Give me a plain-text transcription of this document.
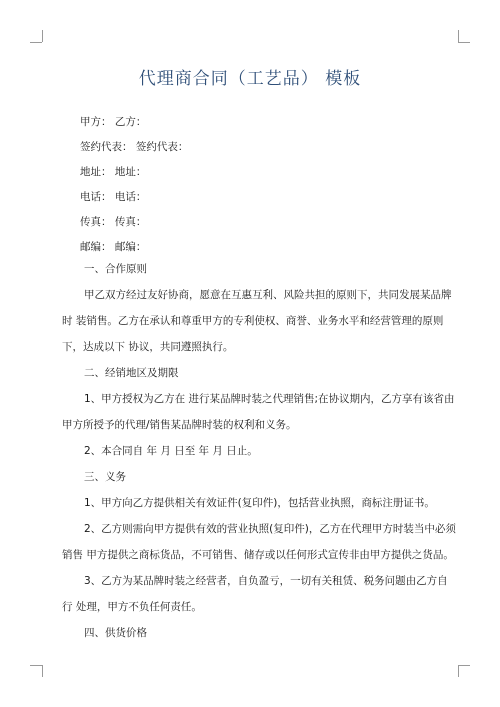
代理商合同（工艺品） 模板
甲方： 乙方：
签约代表： 签约代表：
地址： 地址：
电话： 电话：
传真： 传真：
邮编： 邮编：
一、合作原则
甲乙双方经过友好协商，愿意在互惠互利、风险共担的原则下，共同发展某品牌
时 装销售。乙方在承认和尊重甲方的专利使权、商誉、业务水平和经营管理的原则
下，达成以下 协议，共同遵照执行。
二、经销地区及期限
1、甲方授权为乙方在 进行某品牌时装之代理销售;在协议期内，乙方享有该省由
甲方所授予的代理/销售某品牌时装的权利和义务。
2、本合同自 年 月 日至 年 月 日止。
三、义务
1、甲方向乙方提供相关有效证件(复印件)，包括营业执照，商标注册证书。
2、乙方则需向甲方提供有效的营业执照(复印件)，乙方在代理甲方时装当中必须
销售 甲方提供之商标货品，不可销售、储存或以任何形式宣传非由甲方提供之货品。
3、乙方为某品牌时装之经营者，自负盈亏，一切有关租赁、税务问题由乙方自
行 处理，甲方不负任何责任。
四、供货价格
